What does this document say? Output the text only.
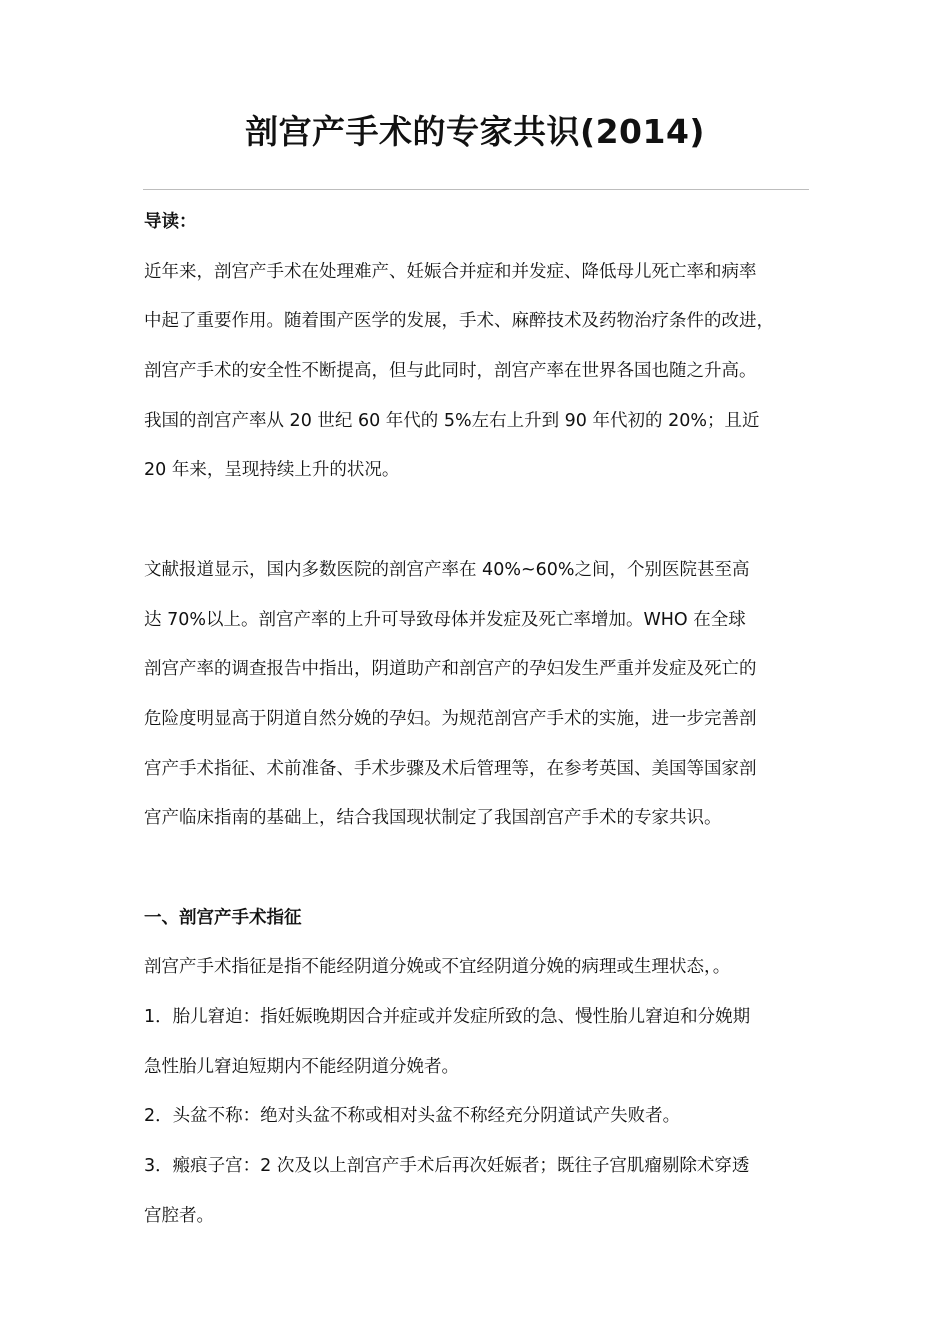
剖宫产手术的专家共识(2014)
导读：
近年来，剖宫产手术在处理难产、妊娠合并症和并发症、降低母儿死亡率和病率
中起了重要作用。随着围产医学的发展，手术、麻醉技术及药物治疗条件的改进，
剖宫产手术的安全性不断提高，但与此同时，剖宫产率在世界各国也随之升高。
我国的剖宫产率从 20 世纪 60 年代的 5%左右上升到 90 年代初的 20%；且近
20 年来，呈现持续上升的状况。
文献报道显示，国内多数医院的剖宫产率在 40%~60%之间，个别医院甚至高
达 70%以上。剖宫产率的上升可导致母体并发症及死亡率增加。WHO 在全球
剖宫产率的调查报告中指出，阴道助产和剖宫产的孕妇发生严重并发症及死亡的
危险度明显高于阴道自然分娩的孕妇。为规范剖宫产手术的实施，进一步完善剖
宫产手术指征、术前准备、手术步骤及术后管理等，在参考英国、美国等国家剖
宫产临床指南的基础上，结合我国现状制定了我国剖宫产手术的专家共识。
一、剖宫产手术指征
剖宫产手术指征是指不能经阴道分娩或不宜经阴道分娩的病理或生理状态，。
1．胎儿窘迫：指妊娠晚期因合并症或并发症所致的急、慢性胎儿窘迫和分娩期
急性胎儿窘迫短期内不能经阴道分娩者。
2．头盆不称：绝对头盆不称或相对头盆不称经充分阴道试产失败者。
3．瘢痕子宫：2 次及以上剖宫产手术后再次妊娠者；既往子宫肌瘤剔除术穿透
宫腔者。
